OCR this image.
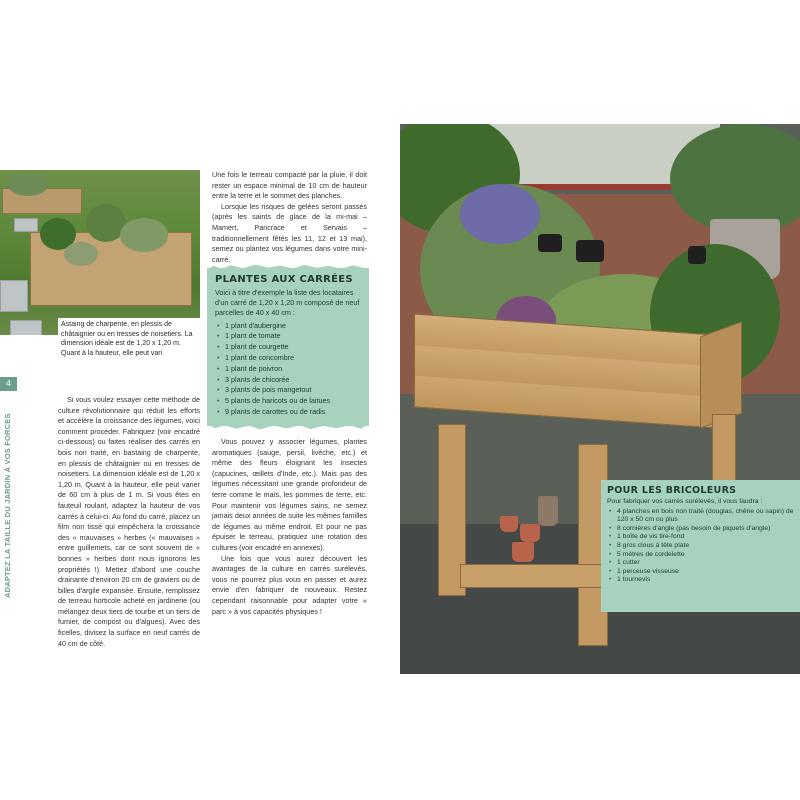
Astaing de charpente, en plessis de châtaignier ou en tresses de noisetiers. La dimension idéale est de 1,20 x 1,20 m. Quant à la hauteur, elle peut vari
4
ADAPTEZ LA TAILLE DU JARDIN À VOS FORCES

Si vous voulez essayer cette méthode de culture révolutionnaire qui réduit les efforts et accélère la croissance des légumes, voici comment procéder. Fabriquez (voir encadré ci-dessous) ou faites réaliser des carrés en bois non traité, en bastaing de charpente, en plessis de châtaignier ou en tresses de noisetiers. La dimension idéale est de 1,20 x 1,20 m. Quant à la hauteur, elle peut varier de 60 cm à plus de 1 m. Si vous êtes en fauteuil roulant, adaptez la hauteur de vos carrés à celui-ci. Au fond du carré, placez un film non tissé qui empêchera la croissance des « mauvaises » herbes (« mauvaises » entre guillemets, car ce sont souvent de « bonnes » herbes dont nous ignorons les propriétés !). Mettez d'abord une couche drainante d'environ 20 cm de graviers ou de billes d'argile expansée. Ensuite, remplissez de terreau horticole acheté en jardinerie (ou mélangez deux tiers de tourbe et un tiers de fumier, de compost ou d'algues). Avec des ficelles, divisez la surface en neuf carrés de 40 cm de côté.

Une fois le terreau compacté par la pluie, il doit rester un espace minimal de 10 cm de hauteur entre la terre et le sommet des planches.

Lorsque les risques de gelées seront passés (après les saints de glace de la mi-mai – Mamert, Pancrace et Servais – traditionnellement fêtés les 11, 12 et 13 mai), semez ou plantez vos légumes dans votre mini-carré.

PLANTES AUX CARRÉES
Voici à titre d'exemple la liste des locataires d'un carré de 1,20 x 1,20 m composé de neuf parcelles de 40 x 40 cm :
• 1 plant d'aubergine
• 1 plant de tomate
• 1 plant de courgette
• 1 plant de concombre
• 1 plant de poivron
• 3 plants de chicorée
• 3 plants de pois mangetout
• 5 plants de haricots ou de laitues
• 9 plants de carottes ou de radis

Vous pouvez y associer légumes, plantes aromatiques (sauge, persil, livèche, etc.) et même des fleurs éloignant les insectes (capucines, œillets d'Inde, etc.). Mais pas des légumes nécessitant une grande profondeur de terre comme le maïs, les pommes de terre, etc. Pour maintenir vos légumes sains, ne semez jamais deux années de suite les mêmes familles de légumes au même endroit. Et pour ne pas épuiser le terreau, pratiquez une rotation des cultures (voir encadré en annexes).

Une fois que vous aurez découvert les avantages de la culture en carrés surélevés, vous ne pourrez plus vous en passer et aurez envie d'en fabriquer de nouveaux. Restez cependant raisonnable pour adapter votre « parc » à vos capacités physiques !

POUR LES BRICOLEURS
Pour fabriquer vos carrés surélevés, il vous faudra :
• 4 planches en bois non traité (douglas, chêne ou sapin) de 120 x 50 cm ou plus
• 8 cornières d'angle (pas besoin de piquets d'angle)
• 1 boîte de vis tire-fond
• 8 gros clous à tête plate
• 5 mètres de cordelette
• 1 cutter
• 1 perceuse visseuse
• 1 tournevis
